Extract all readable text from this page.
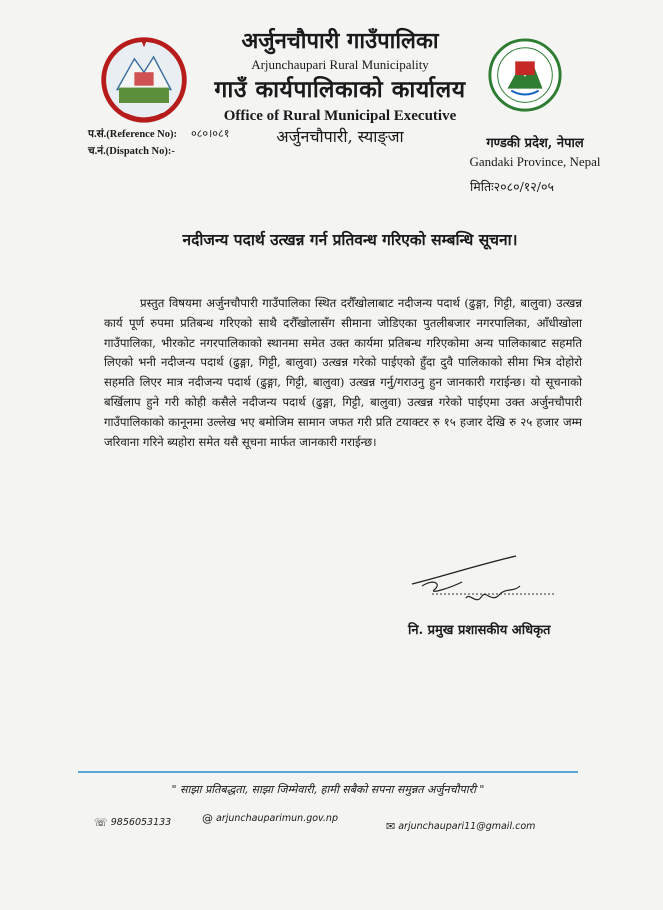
अर्जुनचौपारी गाउँपालिका
Arjunchaupari Rural Municipality
गाउँ कार्यपालिकाको कार्यालय
Office of Rural Municipal Executive
अर्जुनचौपारी, स्याङ्जा
प.सं.(Reference No): ०८०।०८१
च.नं.(Dispatch No):-
गण्डकी प्रदेश, नेपाल
Gandaki Province, Nepal
मितिः२०८०/१२/०५
नदीजन्य पदार्थ उत्खन्न गर्न प्रतिवन्ध गरिएको सम्बन्धि सूचना।
प्रस्तुत विषयमा अर्जुनचौपारी गाउँपालिका स्थित दरौँखोलाबाट नदीजन्य पदार्थ (ढुङ्गा, गिट्टी, बालुवा) उत्खन्न कार्य पूर्ण रुपमा प्रतिबन्ध गरिएको साथै दरौँखोलासँग सीमाना जोडिएका पुतलीबजार नगरपालिका, आँधीखोला गाउँपालिका, भीरकोट नगरपालिकाको स्थानमा समेत उक्त कार्यमा प्रतिबन्ध गरिएकोमा अन्य पालिकाबाट सहमति लिएको भनी नदीजन्य पदार्थ (ढुङ्गा, गिट्टी, बालुवा) उत्खन्न गरेको पाईएको हुँदा दुवै पालिकाको सीमा भित्र दोहोरो सहमति लिएर मात्र नदीजन्य पदार्थ (ढुङ्गा, गिट्टी, बालुवा) उत्खन्न गर्नु/गराउनु हुन जानकारी गराईन्छ। यो सूचनाको बर्खिलाप हुने गरी कोही कसैले नदीजन्य पदार्थ (ढुङ्गा, गिट्टी, बालुवा) उत्खन्न गरेको पाईएमा उक्त अर्जुनचौपारी गाउँपालिकाको कानूनमा उल्लेख भए बमोजिम सामान जफत गरी प्रति टयाक्टर रु १५ हजार देखि रु २५ हजार जम्म जरिवाना गरिने ब्यहोरा समेत यसै सूचना मार्फत जानकारी गराईन्छ।
नि. प्रमुख प्रशासकीय अधिकृत
" साझा प्रतिबद्धता, साझा जिम्मेवारी, हामी सबैको सपना समुन्नत अर्जुनचौपारी "
☏ 9856053133	@ arjunchauparimun.gov.np
✉ arjunchaupari11@gmail.com
